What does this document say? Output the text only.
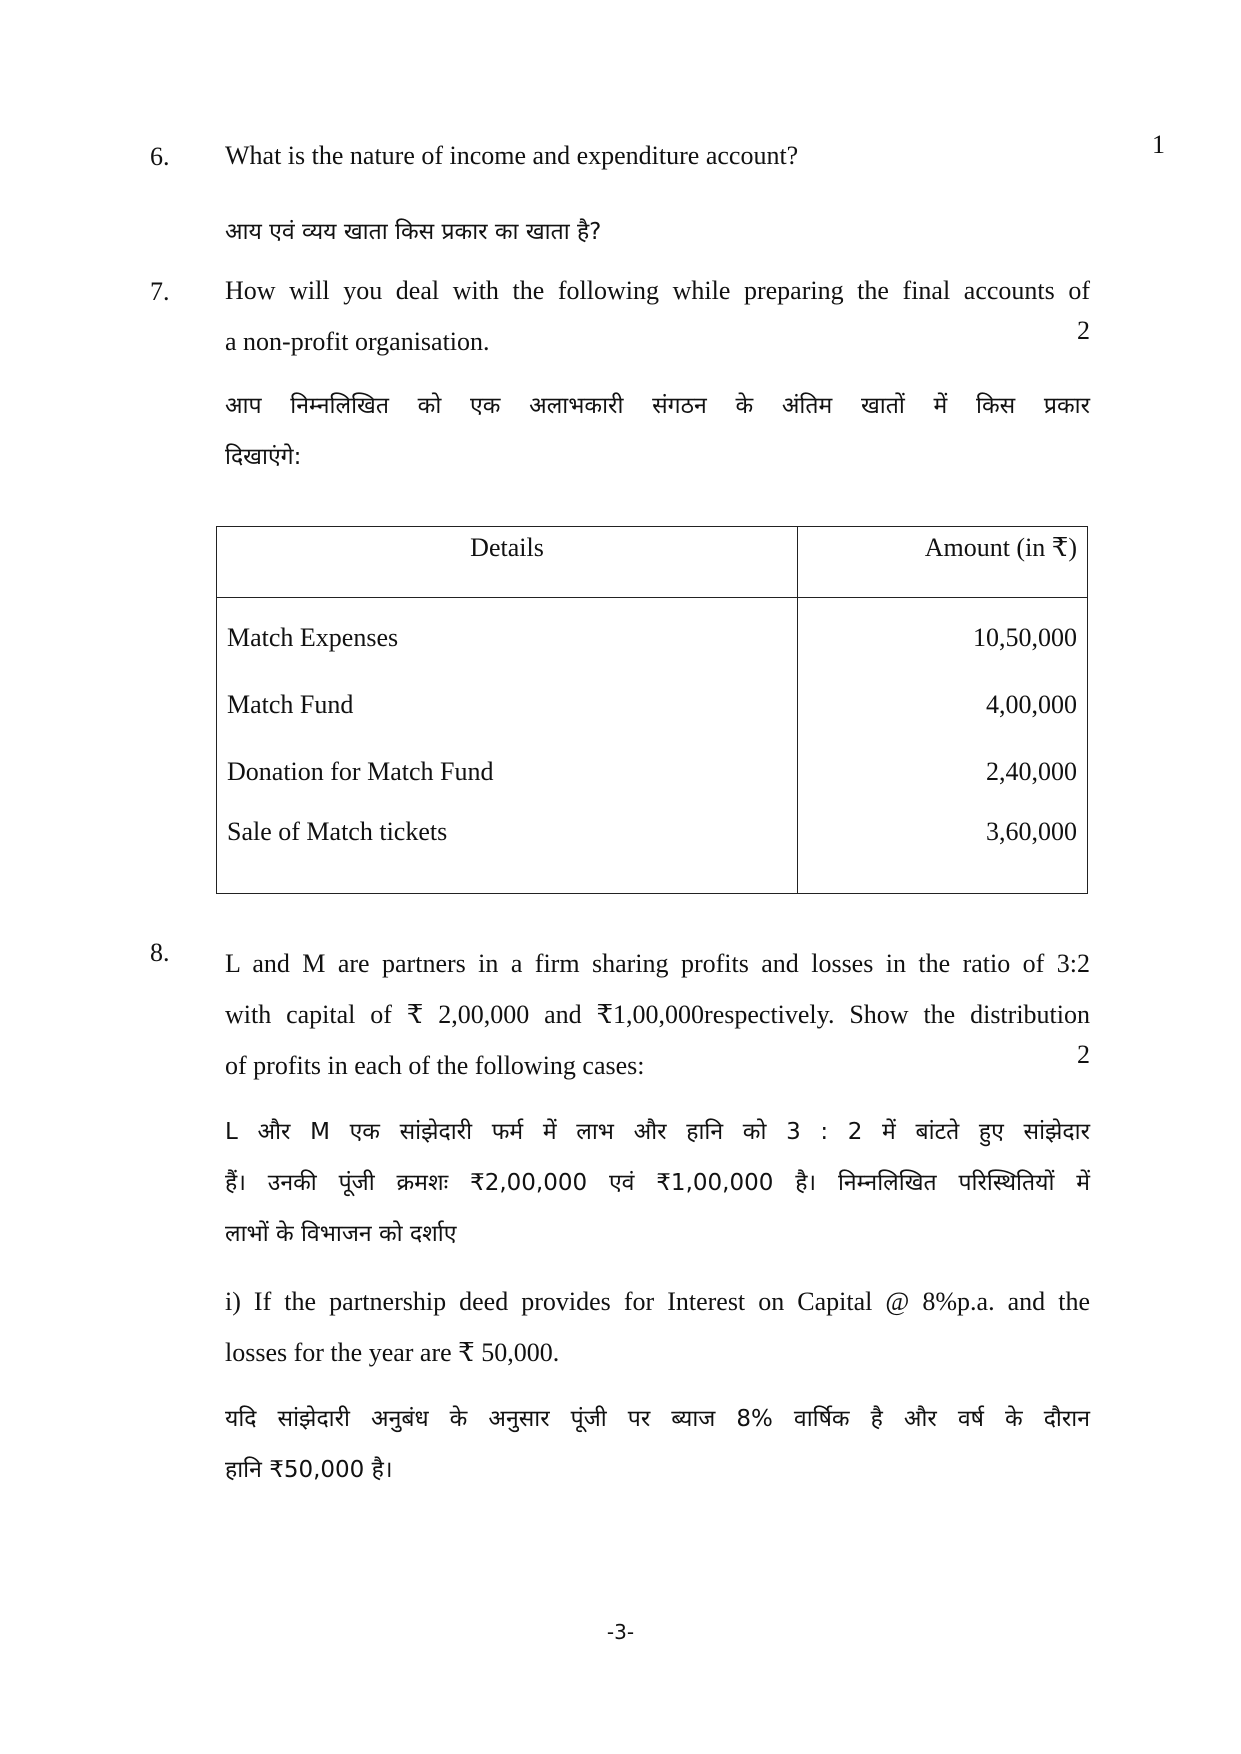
6. What is the nature of income and expenditure account?	1

आय एवं व्यय खाता किस प्रकार का खाता है?

7. How will you deal with the following while preparing the final accounts of

a non-profit organisation.	2

आप निम्नलिखित को एक अलाभकारी संगठन के अंतिम खातों में किस प्रकार

दिखाएंगे:

Details	Amount (in ₹)
Match Expenses	10,50,000
Match Fund	4,00,000
Donation for Match Fund	2,40,000
Sale of Match tickets	3,60,000
8. L and M are partners in a firm sharing profits and losses in the ratio of 3:2

with capital of ₹ 2,00,000 and ₹1,00,000respectively. Show the distribution

of profits in each of the following cases:	2

L और M एक सांझेदारी फर्म में लाभ और हानि को 3 : 2 में बांटते हुए सांझेदार

हैं। उनकी पूंजी क्रमशः ₹2,00,000 एवं ₹1,00,000 है। निम्नलिखित परिस्थितियों में

लाभों के विभाजन को दर्शाए

i) If the partnership deed provides for Interest on Capital @ 8%p.a. and the

losses for the year are ₹ 50,000.

यदि सांझेदारी अनुबंध के अनुसार पूंजी पर ब्याज 8% वार्षिक है और वर्ष के दौरान

हानि ₹50,000 है।

-3-
